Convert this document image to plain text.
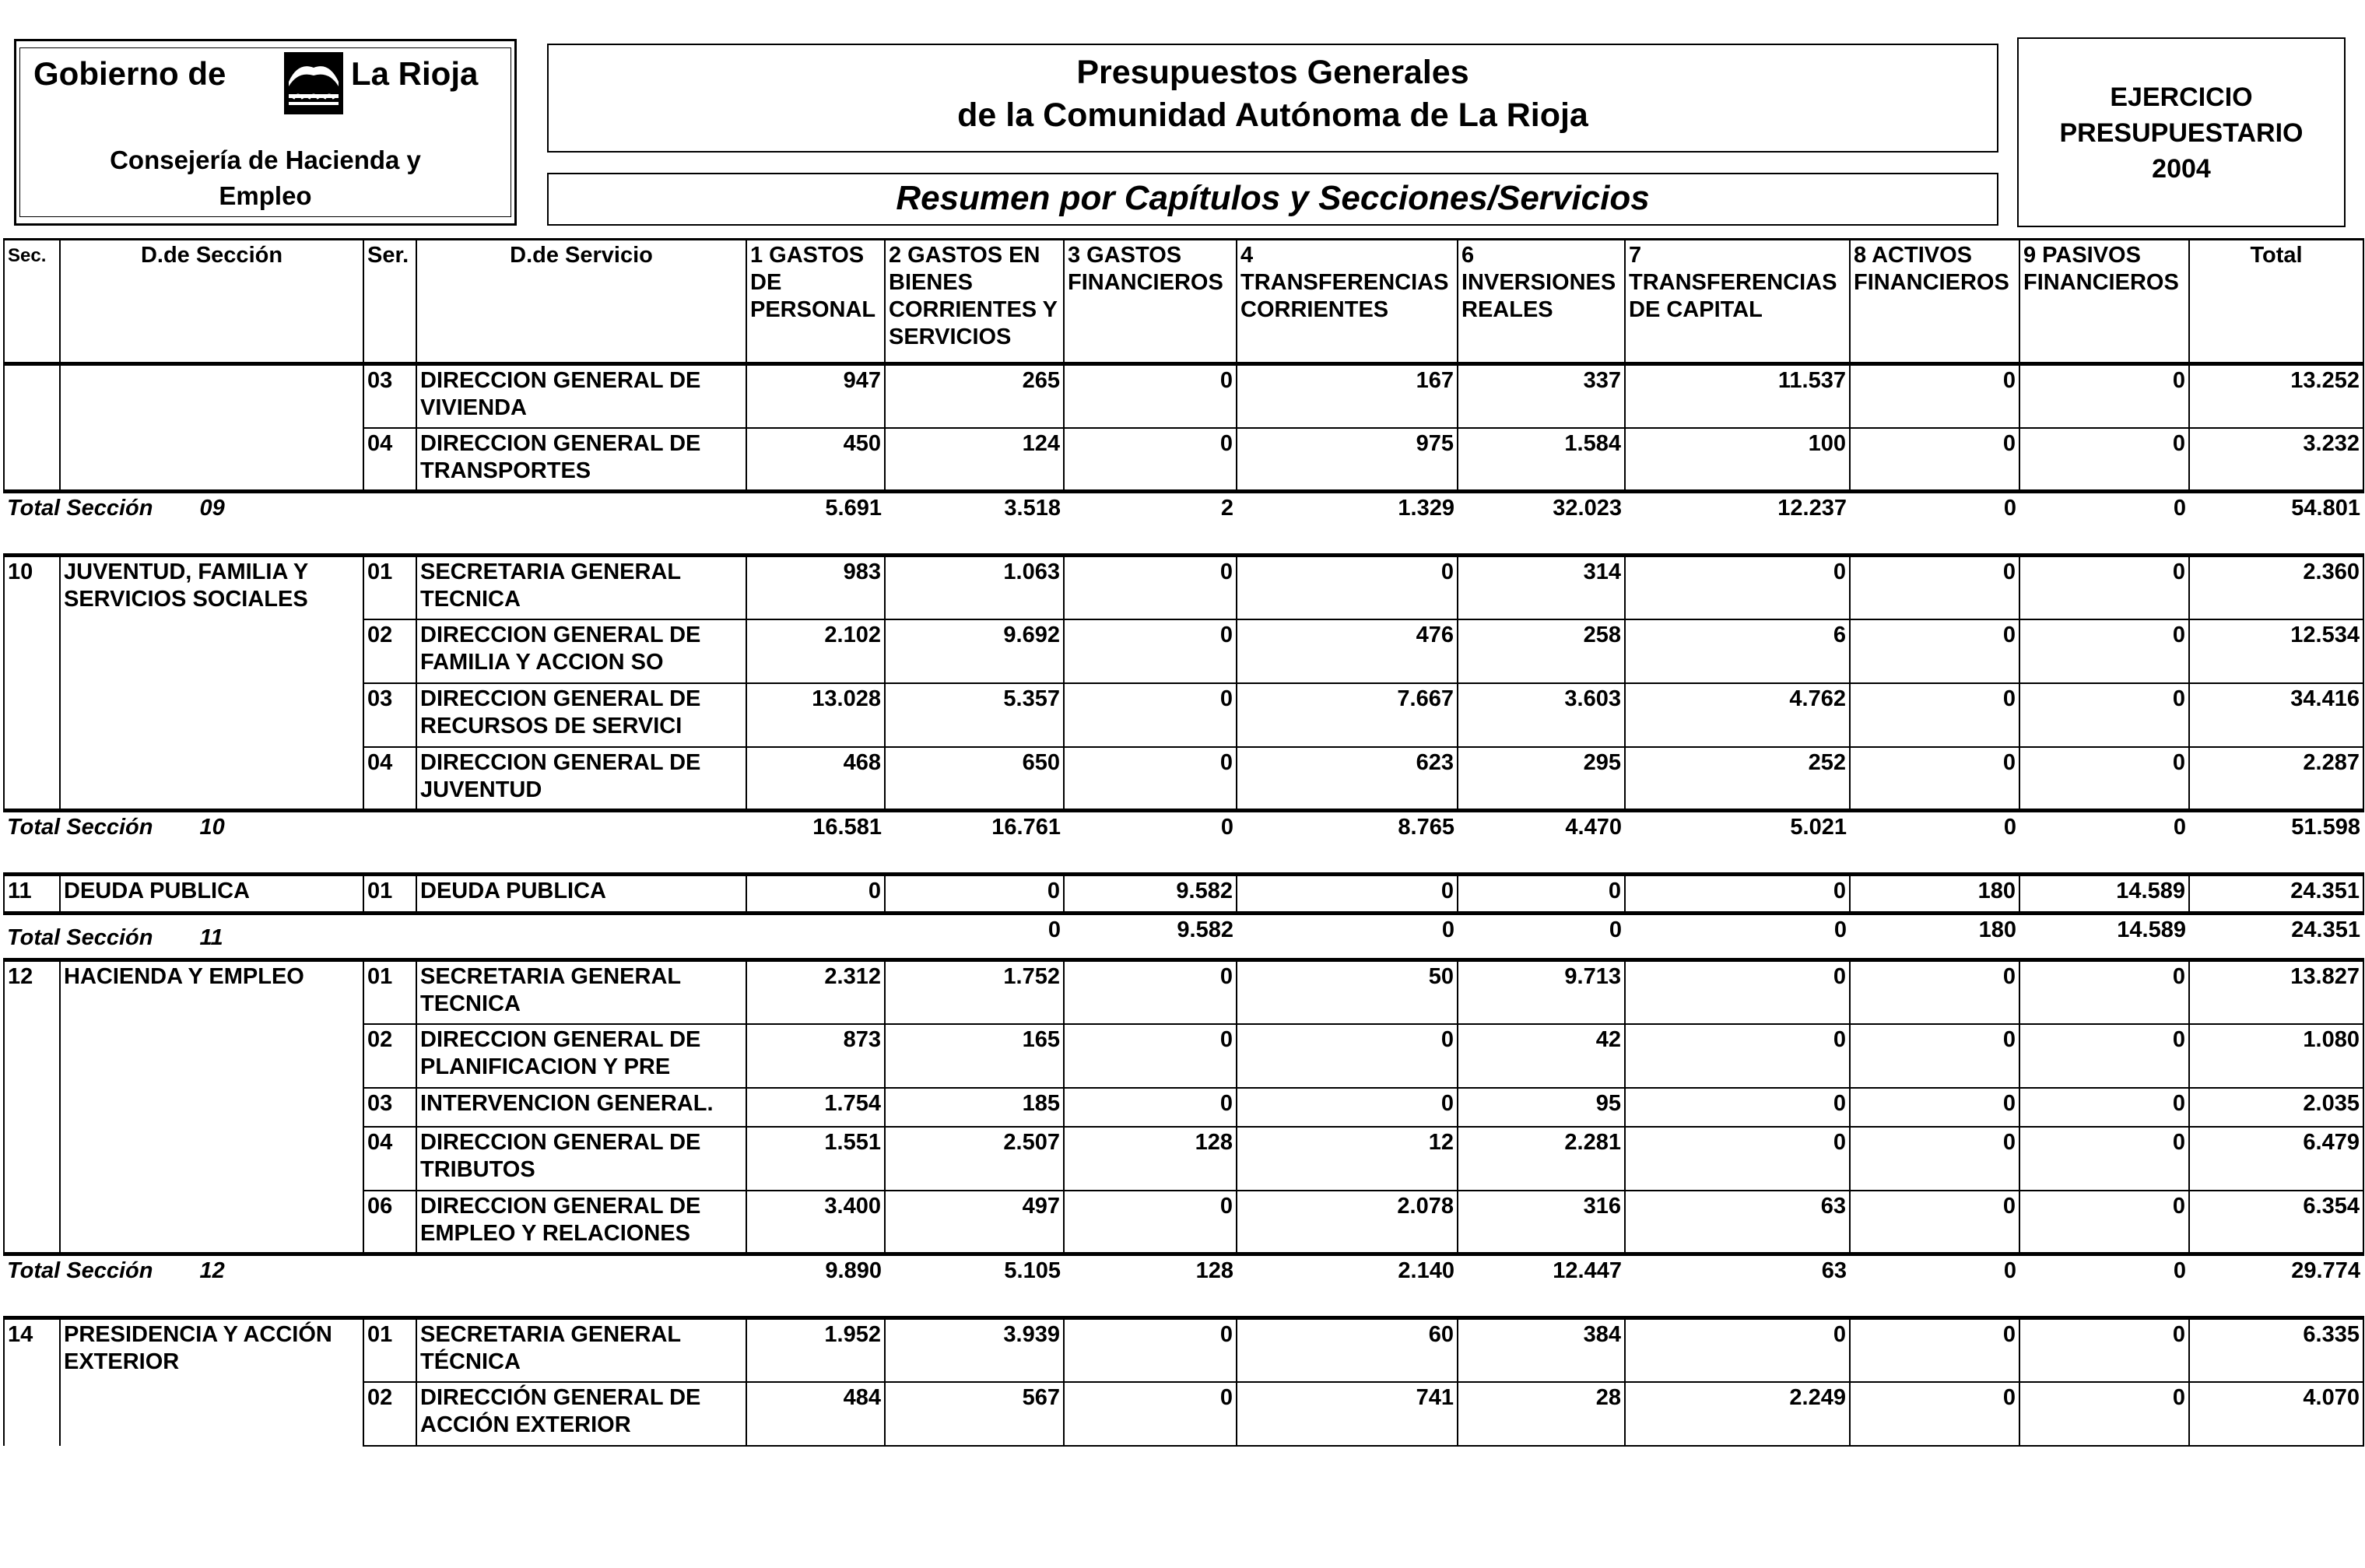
Gobierno de	La Rioja
Consejería de Hacienda y
Empleo
Presupuestos Generales
de la Comunidad Autónoma de La Rioja
Resumen por Capítulos y Secciones/Servicios
EJERCICIO
PRESUPUESTARIO
2004
Sec.	D.de Sección	Ser.	D.de Servicio	1 GASTOS DE PERSONAL	2 GASTOS EN BIENES CORRIENTES Y SERVICIOS	3 GASTOS FINANCIEROS	4 TRANSFERENCIAS CORRIENTES	6 INVERSIONES REALES	7 TRANSFERENCIAS DE CAPITAL	8 ACTIVOS FINANCIEROS	9 PASIVOS FINANCIEROS	Total
		03	DIRECCION GENERAL DE VIVIENDA	947	265	0	167	337	11.537	0	0	13.252
		04	DIRECCION GENERAL DE TRANSPORTES	450	124	0	975	1.584	100	0	0	3.232
Total Sección 09				5.691	3.518	2	1.329	32.023	12.237	0	0	54.801
10	JUVENTUD, FAMILIA Y SERVICIOS SOCIALES	01	SECRETARIA GENERAL TECNICA	983	1.063	0	0	314	0	0	0	2.360
		02	DIRECCION GENERAL DE FAMILIA Y ACCION SO	2.102	9.692	0	476	258	6	0	0	12.534
		03	DIRECCION GENERAL DE RECURSOS DE SERVICI	13.028	5.357	0	7.667	3.603	4.762	0	0	34.416
		04	DIRECCION GENERAL DE JUVENTUD	468	650	0	623	295	252	0	0	2.287
Total Sección 10				16.581	16.761	0	8.765	4.470	5.021	0	0	51.598
11	DEUDA PUBLICA	01	DEUDA PUBLICA	0	0	9.582	0	0	0	180	14.589	24.351
Total Sección 11					0	9.582	0	0	0	180	14.589	24.351
12	HACIENDA Y EMPLEO	01	SECRETARIA GENERAL TECNICA	2.312	1.752	0	50	9.713	0	0	0	13.827
		02	DIRECCION GENERAL DE PLANIFICACION Y PRE	873	165	0	0	42	0	0	0	1.080
		03	INTERVENCION GENERAL.	1.754	185	0	0	95	0	0	0	2.035
		04	DIRECCION GENERAL DE TRIBUTOS	1.551	2.507	128	12	2.281	0	0	0	6.479
		06	DIRECCION GENERAL DE EMPLEO Y RELACIONES	3.400	497	0	2.078	316	63	0	0	6.354
Total Sección 12				9.890	5.105	128	2.140	12.447	63	0	0	29.774
14	PRESIDENCIA Y ACCIÓN EXTERIOR	01	SECRETARIA GENERAL TÉCNICA	1.952	3.939	0	60	384	0	0	0	6.335
		02	DIRECCIÓN GENERAL DE ACCIÓN EXTERIOR	484	567	0	741	28	2.249	0	0	4.070
